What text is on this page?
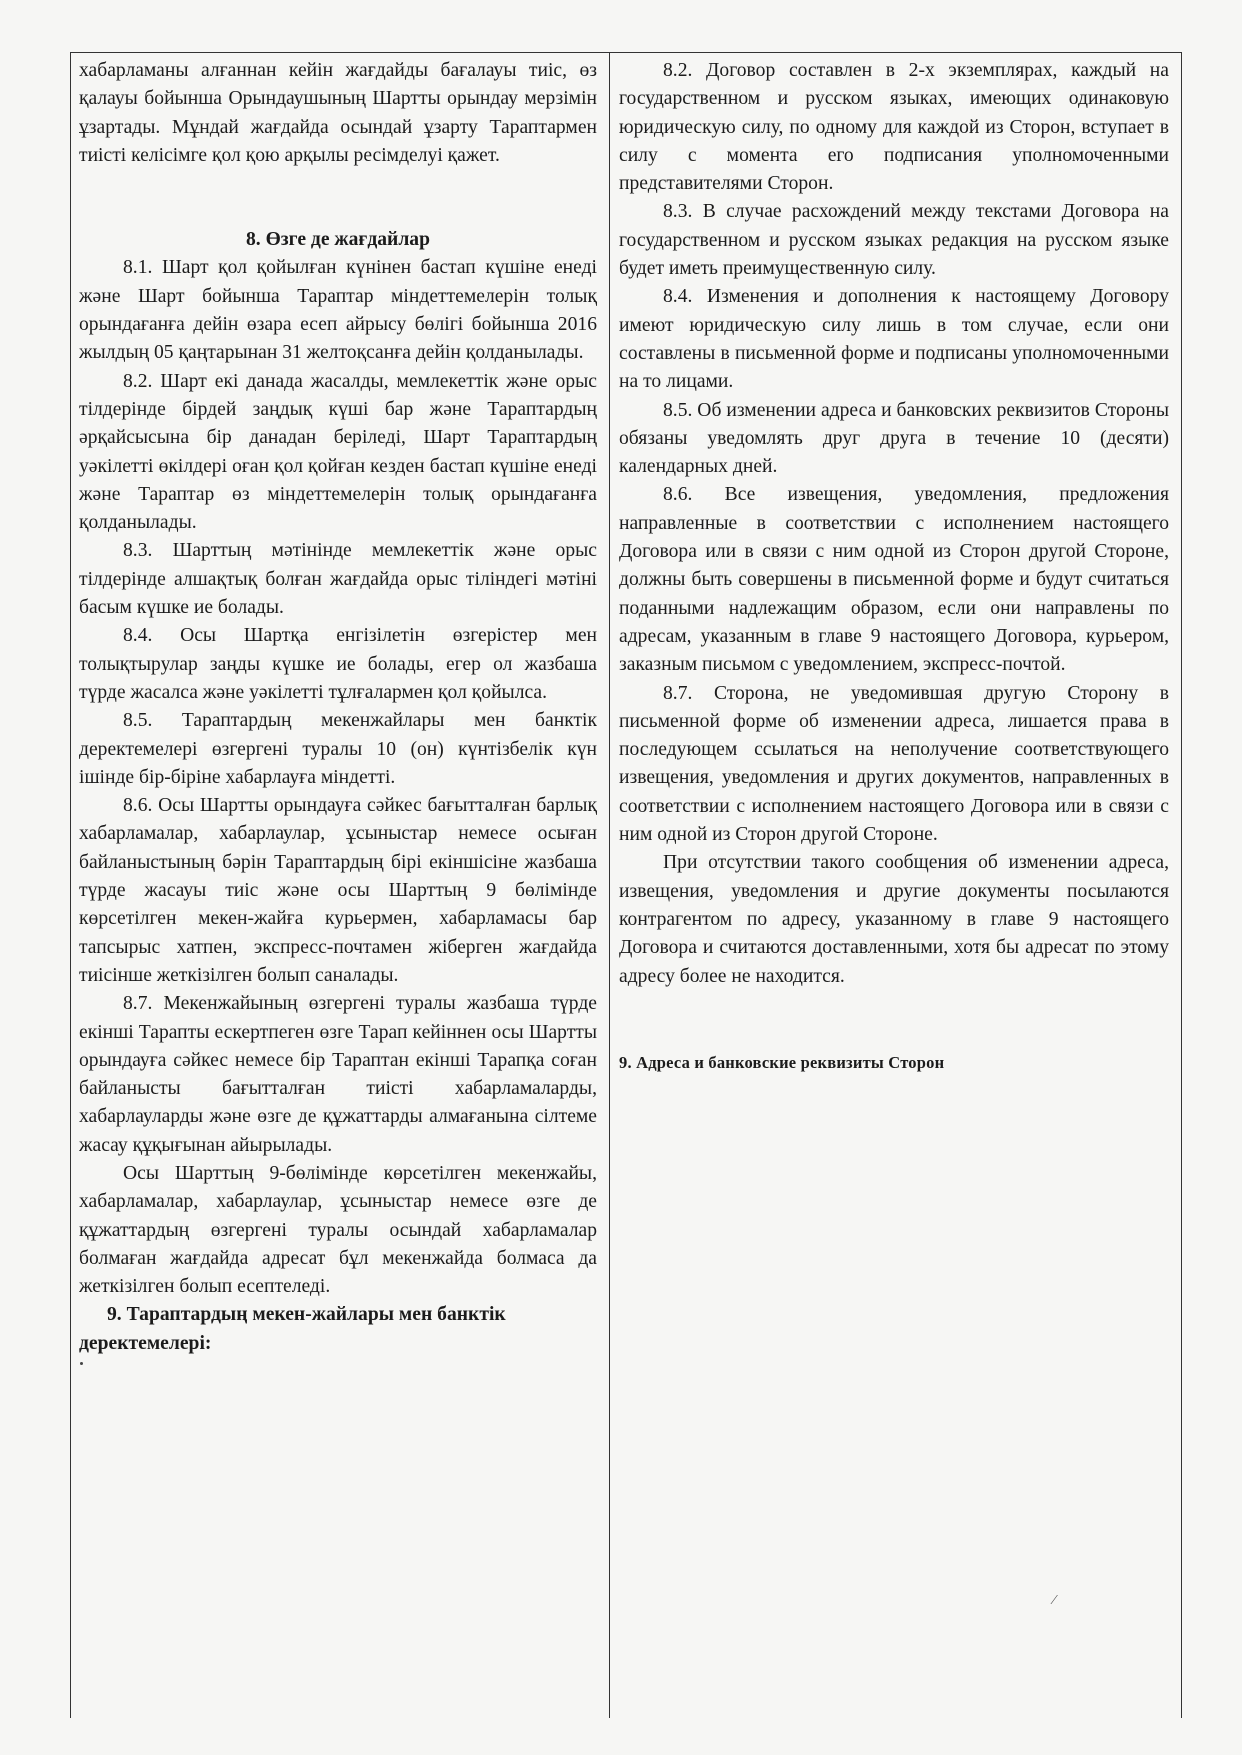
хабарламаны алғаннан кейін жағдайды бағалауы тиіс, өз қалауы бойынша Орындаушының Шартты орындау мерзімін ұзартады. Мұндай жағдайда осындай ұзарту Тараптармен тиісті келісімге қол қою арқылы ресімделуі қажет.

8. Өзге де жағдайлар

8.1. Шарт қол қойылған күнінен бастап күшіне енеді және Шарт бойынша Тараптар міндеттемелерін толық орындағанға дейін өзара есеп айрысу бөлігі бойынша 2016 жылдың 05 қаңтарынан 31 желтоқсанға дейін қолданылады.

8.2. Шарт екі данада жасалды, мемлекеттік және орыс тілдерінде бірдей заңдық күші бар және Тараптардың әрқайсысына бір данадан беріледі, Шарт Тараптардың уәкілетті өкілдері оған қол қойған кезден бастап күшіне енеді және Тараптар өз міндеттемелерін толық орындағанға қолданылады.

8.3. Шарттың мәтінінде мемлекеттік және орыс тілдерінде алшақтық болған жағдайда орыс тіліндегі мәтіні басым күшке ие болады.

8.4. Осы Шартқа енгізілетін өзгерістер мен толықтырулар заңды күшке ие болады, егер ол жазбаша түрде жасалса және уәкілетті тұлғалармен қол қойылса.

8.5. Тараптардың мекенжайлары мен банктік деректемелері өзгергені туралы 10 (он) күнтізбелік күн ішінде бір-біріне хабарлауға міндетті.

8.6. Осы Шартты орындауға сәйкес бағытталған барлық хабарламалар, хабарлаулар, ұсыныстар немесе осыған байланыстының бәрін Тараптардың бірі екіншісіне жазбаша түрде жасауы тиіс және осы Шарттың 9 бөлімінде көрсетілген мекен-жайға курьермен, хабарламасы бар тапсырыс хатпен, экспресс-почтамен жіберген жағдайда тиісінше жеткізілген болып саналады.

8.7. Мекенжайының өзгергені туралы жазбаша түрде екінші Тарапты ескертпеген өзге Тарап кейіннен осы Шартты орындауға сәйкес немесе бір Тараптан екінші Тарапқа соған байланысты бағытталған тиісті хабарламаларды, хабарлауларды және өзге де құжаттарды алмағанына сілтеме жасау құқығынан айырылады.

Осы Шарттың 9-бөлімінде көрсетілген мекенжайы, хабарламалар, хабарлаулар, ұсыныстар немесе өзге де құжаттардың өзгергені туралы осындай хабарламалар болмаған жағдайда адресат бұл мекенжайда болмаса да жеткізілген болып есептеледі.

9. Тараптардың мекен-жайлары мен банктік деректемелері:

8.2. Договор составлен в 2-х экземплярах, каждый на государственном и русском языках, имеющих одинаковую юридическую силу, по одному для каждой из Сторон, вступает в силу с момента его подписания уполномоченными представителями Сторон.

8.3. В случае расхождений между текстами Договора на государственном и русском языках редакция на русском языке будет иметь преимущественную силу.

8.4. Изменения и дополнения к настоящему Договору имеют юридическую силу лишь в том случае, если они составлены в письменной форме и подписаны уполномоченными на то лицами.

8.5. Об изменении адреса и банковских реквизитов Стороны обязаны уведомлять друг друга в течение 10 (десяти) календарных дней.

8.6. Все извещения, уведомления, предложения направленные в соответствии с исполнением настоящего Договора или в связи с ним одной из Сторон другой Стороне, должны быть совершены в письменной форме и будут считаться поданными надлежащим образом, если они направлены по адресам, указанным в главе 9 настоящего Договора, курьером, заказным письмом с уведомлением, экспресс-почтой.

8.7. Сторона, не уведомившая другую Сторону в письменной форме об изменении адреса, лишается права в последующем ссылаться на неполучение соответствующего извещения, уведомления и других документов, направленных в соответствии с исполнением настоящего Договора или в связи с ним одной из Сторон другой Стороне.

При отсутствии такого сообщения об изменении адреса, извещения, уведомления и другие документы посылаются контрагентом по адресу, указанному в главе 9 настоящего Договора и считаются доставленными, хотя бы адресат по этому адресу более не находится.

9. Адреса и банковские реквизиты Сторон

⁄
